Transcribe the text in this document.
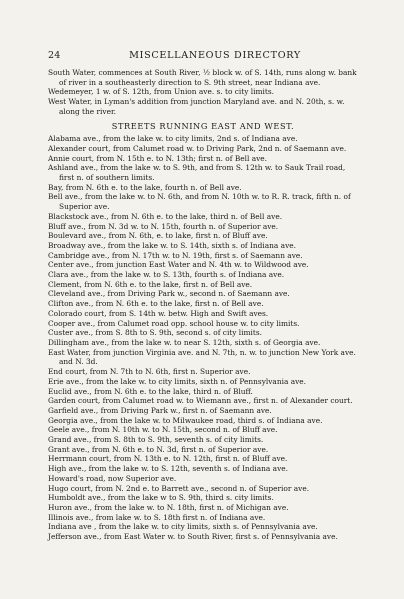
24	MISCELLANEOUS DIRECTORY

South Water, commences at South River, ½ block w. of S. 14th, runs along w. bank of river in a southeasterly direction to S. 9th street, near Indiana ave.

Wedemeyer, 1 w. of S. 12th, from Union ave. s. to city limits.

West Water, in Lyman's addition from junction Maryland ave. and N. 20th, s. w. along the river.

STREETS RUNNING EAST AND WEST.

Alabama ave., from the lake w. to city limits, 2nd s. of Indiana ave.

Alexander court, from Calumet road w. to Driving Park, 2nd n. of Saemann ave.

Annie court, from N. 15th e. to N. 13th; first n. of Bell ave.

Ashland ave., from the lake w. to S. 9th, and from S. 12th w. to Sauk Trail road, first n. of southern limits.

Bay, from N. 6th e. to the lake, fourth n. of Bell ave.

Bell ave., from the lake w. to N. 6th, and from N. 10th w. to R. R. track, fifth n. of Superior ave.

Blackstock ave., from N. 6th e. to the lake, third n. of Bell ave.

Bluff ave., from N. 3d w. to N. 15th, fourth n. of Superior ave.

Boulevard ave., from N. 6th, e. to lake, first n. of Bluff ave.

Broadway ave., from the lake w. to S. 14th, sixth s. of Indiana ave.

Cambridge ave., from N. 17th w. to N. 19th, first s. of Saemann ave.

Center ave., from junction East Water and N. 4th w. to Wildwood ave.

Clara ave., from the lake w. to S. 13th, fourth s. of Indiana ave.

Clement, from N. 6th e. to the lake, first n. of Bell ave.

Cleveland ave., from Driving Park w., second n. of Saemann ave.

Clifton ave., from N. 6th e. to the lake, first n. of Bell ave.

Colorado court, from S. 14th w. betw. High and Swift aves.

Cooper ave., from Calumet road opp. school house w. to city limits.

Custer ave., from S. 8th to S. 9th, second s. of city limits.

Dillingham ave., from the lake w. to near S. 12th, sixth s. of Georgia ave.

East Water, from junction Virginia ave. and N. 7th, n. w. to junction New York ave. and N. 3d.

End court, from N. 7th to N. 6th, first n. Superior ave.

Erie ave., from the lake w. to city limits, sixth n. of Pennsylvania ave.

Euclid ave., from N. 6th e. to the lake, third n. of Bluff.

Garden court, from Calumet road w. to Wiemann ave., first n. of Alexander court.

Garfield ave., from Driving Park w., first n. of Saemann ave.

Georgia ave., from the lake w. to Milwaukee road, third s. of Indiana ave.

Geele ave., from N. 10th w. to N. 15th, second n. of Bluff ave.

Grand ave., from S. 8th to S. 9th, seventh s. of city limits.

Grant ave., from N. 6th e. to N. 3d, first n. of Superior ave.

Herrmann court, from N. 13th e. to N. 12th, first n. of Bluff ave.

High ave., from the lake w. to S. 12th, seventh s. of Indiana ave.

Howard's road, now Superior ave.

Hugo court, from N. 2nd e. to Barrett ave., second n. of Superior ave.

Humboldt ave., from the lake w to S. 9th, third s. city limits.

Huron ave., from the lake w. to N. 18th, first n. of Michigan ave.

Illinois ave., from lake w. to S. 18th first n. of Indiana ave.

Indiana ave , from the lake w. to city limits, sixth s. of Pennsylvania ave.

Jefferson ave., from East Water w. to South River, first s. of Pennsylvania ave.
